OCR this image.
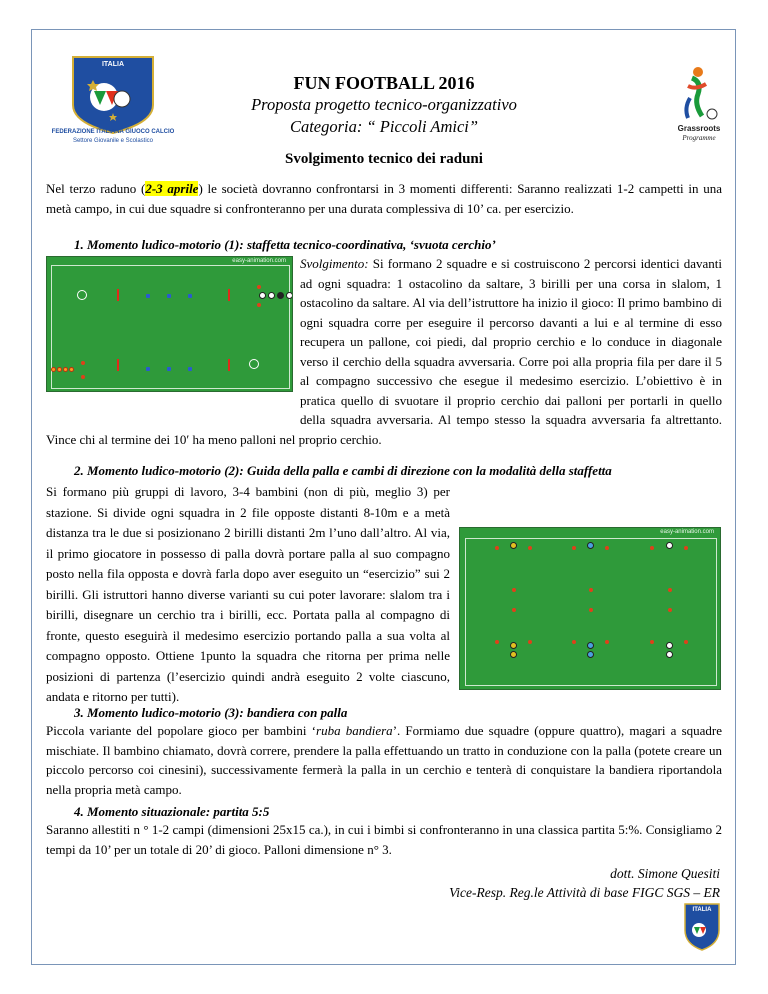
ITALIA
FEDERAZIONE ITALIANA GIUOCO CALCIO
Settore Giovanile e Scolastico
Grassroots
Programme
FUN FOOTBALL 2016
Proposta progetto tecnico-organizzativo
Categoria: “ Piccoli Amici”
Svolgimento tecnico dei raduni

Nel terzo raduno (2-3 aprile) le società dovranno confrontarsi in 3 momenti differenti: Saranno realizzati 1-2 campetti in una metà campo, in cui due squadre si confronteranno per una durata complessiva di 10’ ca. per esercizio.

1. Momento ludico-motorio (1): staffetta tecnico-coordinativa, ‘svuota cerchio’
easy-animation.com	Svolgimento: Si formano 2 squadre e si costruiscono 2 percorsi identici davanti ad ogni squadra: 1 ostacolino da saltare, 3 birilli per una corsa in slalom, 1 ostacolino da saltare. Al via dell’istruttore ha inizio il gioco: Il primo bambino di ogni squadra corre per eseguire il percorso davanti a lui e al termine di esso recupera un pallone, coi piedi, dal proprio cerchio e lo conduce in diagonale verso il cerchio della squadra avversaria. Corre poi alla propria fila per dare il 5 al compagno successivo che esegue il medesimo esercizio. L’obiettivo è in pratica quello di svuotare il proprio cerchio dai palloni per portarli in quello della squadra avversaria. Al tempo stesso la squadra avversaria fa altrettanto. Vince chi al termine dei 10′ ha meno palloni nel proprio cerchio.

2. Momento ludico-motorio (2): Guida della palla e cambi di direzione con la modalità della staffetta
easy-animation.com

Si formano più gruppi di lavoro, 3-4 bambini (non di più, meglio 3) per stazione. Si divide ogni squadra in 2 file opposte distanti 8-10m e a metà distanza tra le due si posizionano 2 birilli distanti 2m l’uno dall’altro. Al via, il primo giocatore in possesso di palla dovrà portare palla al suo compagno posto nella fila opposta e dovrà farla dopo aver eseguito un “esercizio” sui 2 birilli. Gli istruttori hanno diverse varianti su cui poter lavorare: slalom tra i birilli, disegnare un cerchio tra i birilli, ecc. Portata palla al compagno di fronte, questo eseguirà il medesimo esercizio portando palla a sua volta al compagno opposto. Ottiene 1punto la squadra che ritorna per prima nelle posizioni di partenza (l’esercizio quindi andrà eseguito 2 volte ciascuno, andata e ritorno per tutti).

3. Momento ludico-motorio (3): bandiera con palla

Piccola variante del popolare gioco per bambini ‘ruba bandiera’. Formiamo due squadre (oppure quattro), magari a squadre mischiate. Il bambino chiamato, dovrà correre, prendere la palla effettuando un tratto in conduzione con la palla (potete creare un piccolo percorso coi cinesini), successivamente fermerà la palla in un cerchio e tenterà di conquistare la bandiera riportandola nella propria metà campo.

4. Momento situazionale: partita 5:5

Saranno allestiti n ° 1-2 campi (dimensioni 25x15 ca.), in cui i bimbi si confronteranno in una classica partita 5:%. Consigliamo 2 tempi da 10’ per un totale di 20’ di gioco. Palloni dimensione n° 3.

dott. Simone Quesiti
Vice-Resp. Reg.le Attività di base FIGC SGS – ER
ITALIA
